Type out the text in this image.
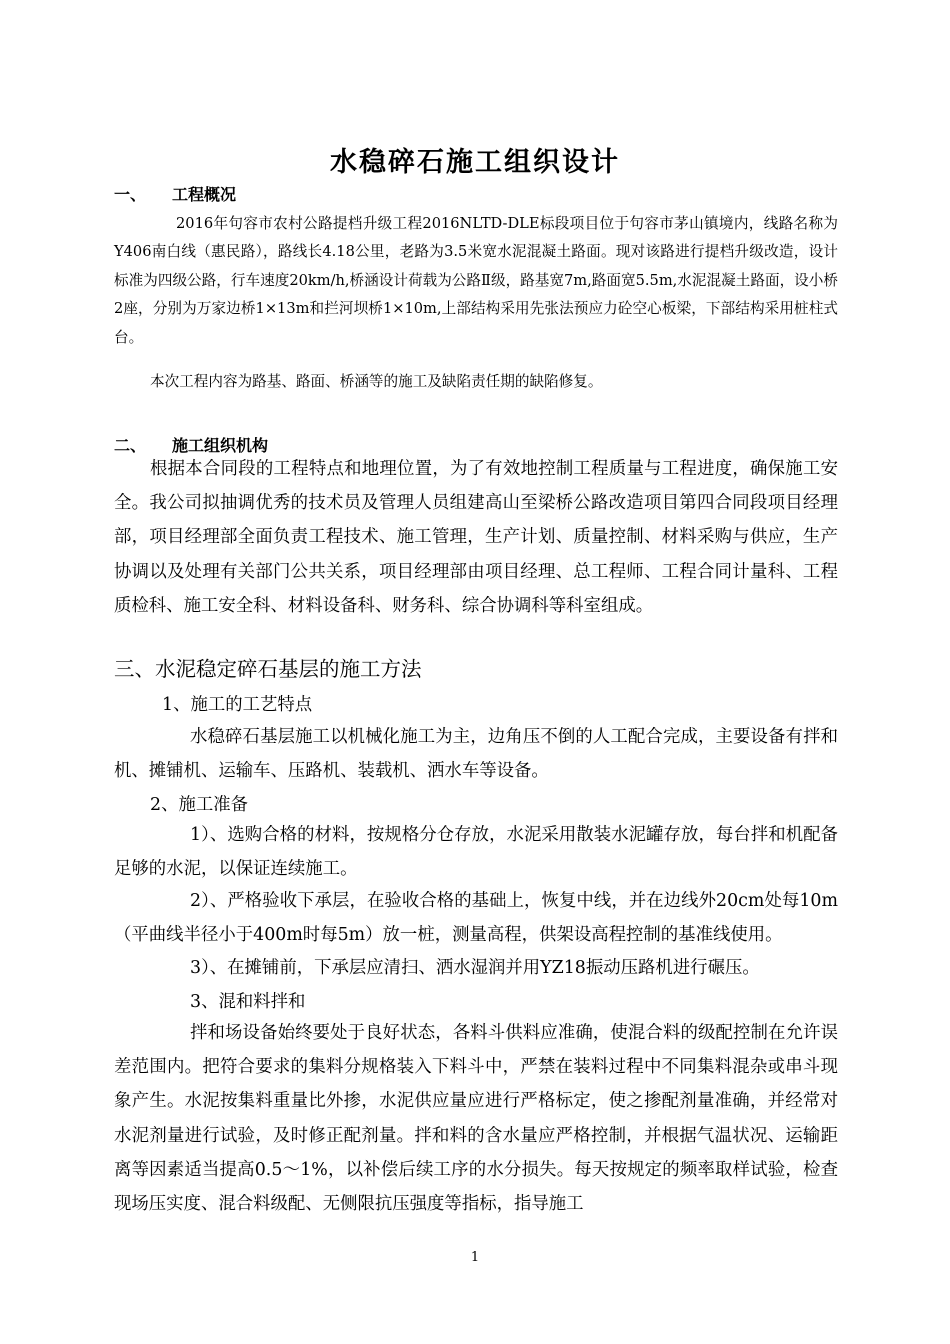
水稳碎石施工组织设计
一、 工程概况
2016年句容市农村公路提档升级工程2016NLTD-DLE标段项目位于句容市茅山镇境内，线路名称为Y406南白线（惠民路），路线长4.18公里，老路为3.5米宽水泥混凝土路面。现对该路进行提档升级改造，设计标准为四级公路，行车速度20km/h,桥涵设计荷载为公路Ⅱ级，路基宽7m,路面宽5.5m,水泥混凝土路面，设小桥2座，分别为万家边桥1×13m和拦河坝桥1×10m,上部结构采用先张法预应力砼空心板梁，下部结构采用桩柱式台。
本次工程内容为路基、路面、桥涵等的施工及缺陷责任期的缺陷修复。
二、 施工组织机构
根据本合同段的工程特点和地理位置，为了有效地控制工程质量与工程进度，确保施工安全。我公司拟抽调优秀的技术员及管理人员组建高山至梁桥公路改造项目第四合同段项目经理部，项目经理部全面负责工程技术、施工管理，生产计划、质量控制、材料采购与供应，生产协调以及处理有关部门公共关系，项目经理部由项目经理、总工程师、工程合同计量科、工程质检科、施工安全科、材料设备科、财务科、综合协调科等科室组成。
三、水泥稳定碎石基层的施工方法
1、施工的工艺特点
水稳碎石基层施工以机械化施工为主，边角压不倒的人工配合完成，主要设备有拌和机、摊铺机、运输车、压路机、装载机、洒水车等设备。
2、施工准备
1）、选购合格的材料，按规格分仓存放，水泥采用散装水泥罐存放，每台拌和机配备足够的水泥，以保证连续施工。
2）、严格验收下承层，在验收合格的基础上，恢复中线，并在边线外20cm处每10m（平曲线半径小于400m时每5m）放一桩，测量高程，供架设高程控制的基准线使用。
3）、在摊铺前，下承层应清扫、洒水湿润并用YZ18振动压路机进行碾压。
3、混和料拌和
拌和场设备始终要处于良好状态，各料斗供料应准确，使混合料的级配控制在允许误差范围内。把符合要求的集料分规格装入下料斗中，严禁在装料过程中不同集料混杂或串斗现象产生。水泥按集料重量比外掺，水泥供应量应进行严格标定，使之掺配剂量准确，并经常对水泥剂量进行试验，及时修正配剂量。拌和料的含水量应严格控制，并根据气温状况、运输距离等因素适当提高0.5～1%，以补偿后续工序的水分损失。每天按规定的频率取样试验，检查现场压实度、混合料级配、无侧限抗压强度等指标，指导施工
1
